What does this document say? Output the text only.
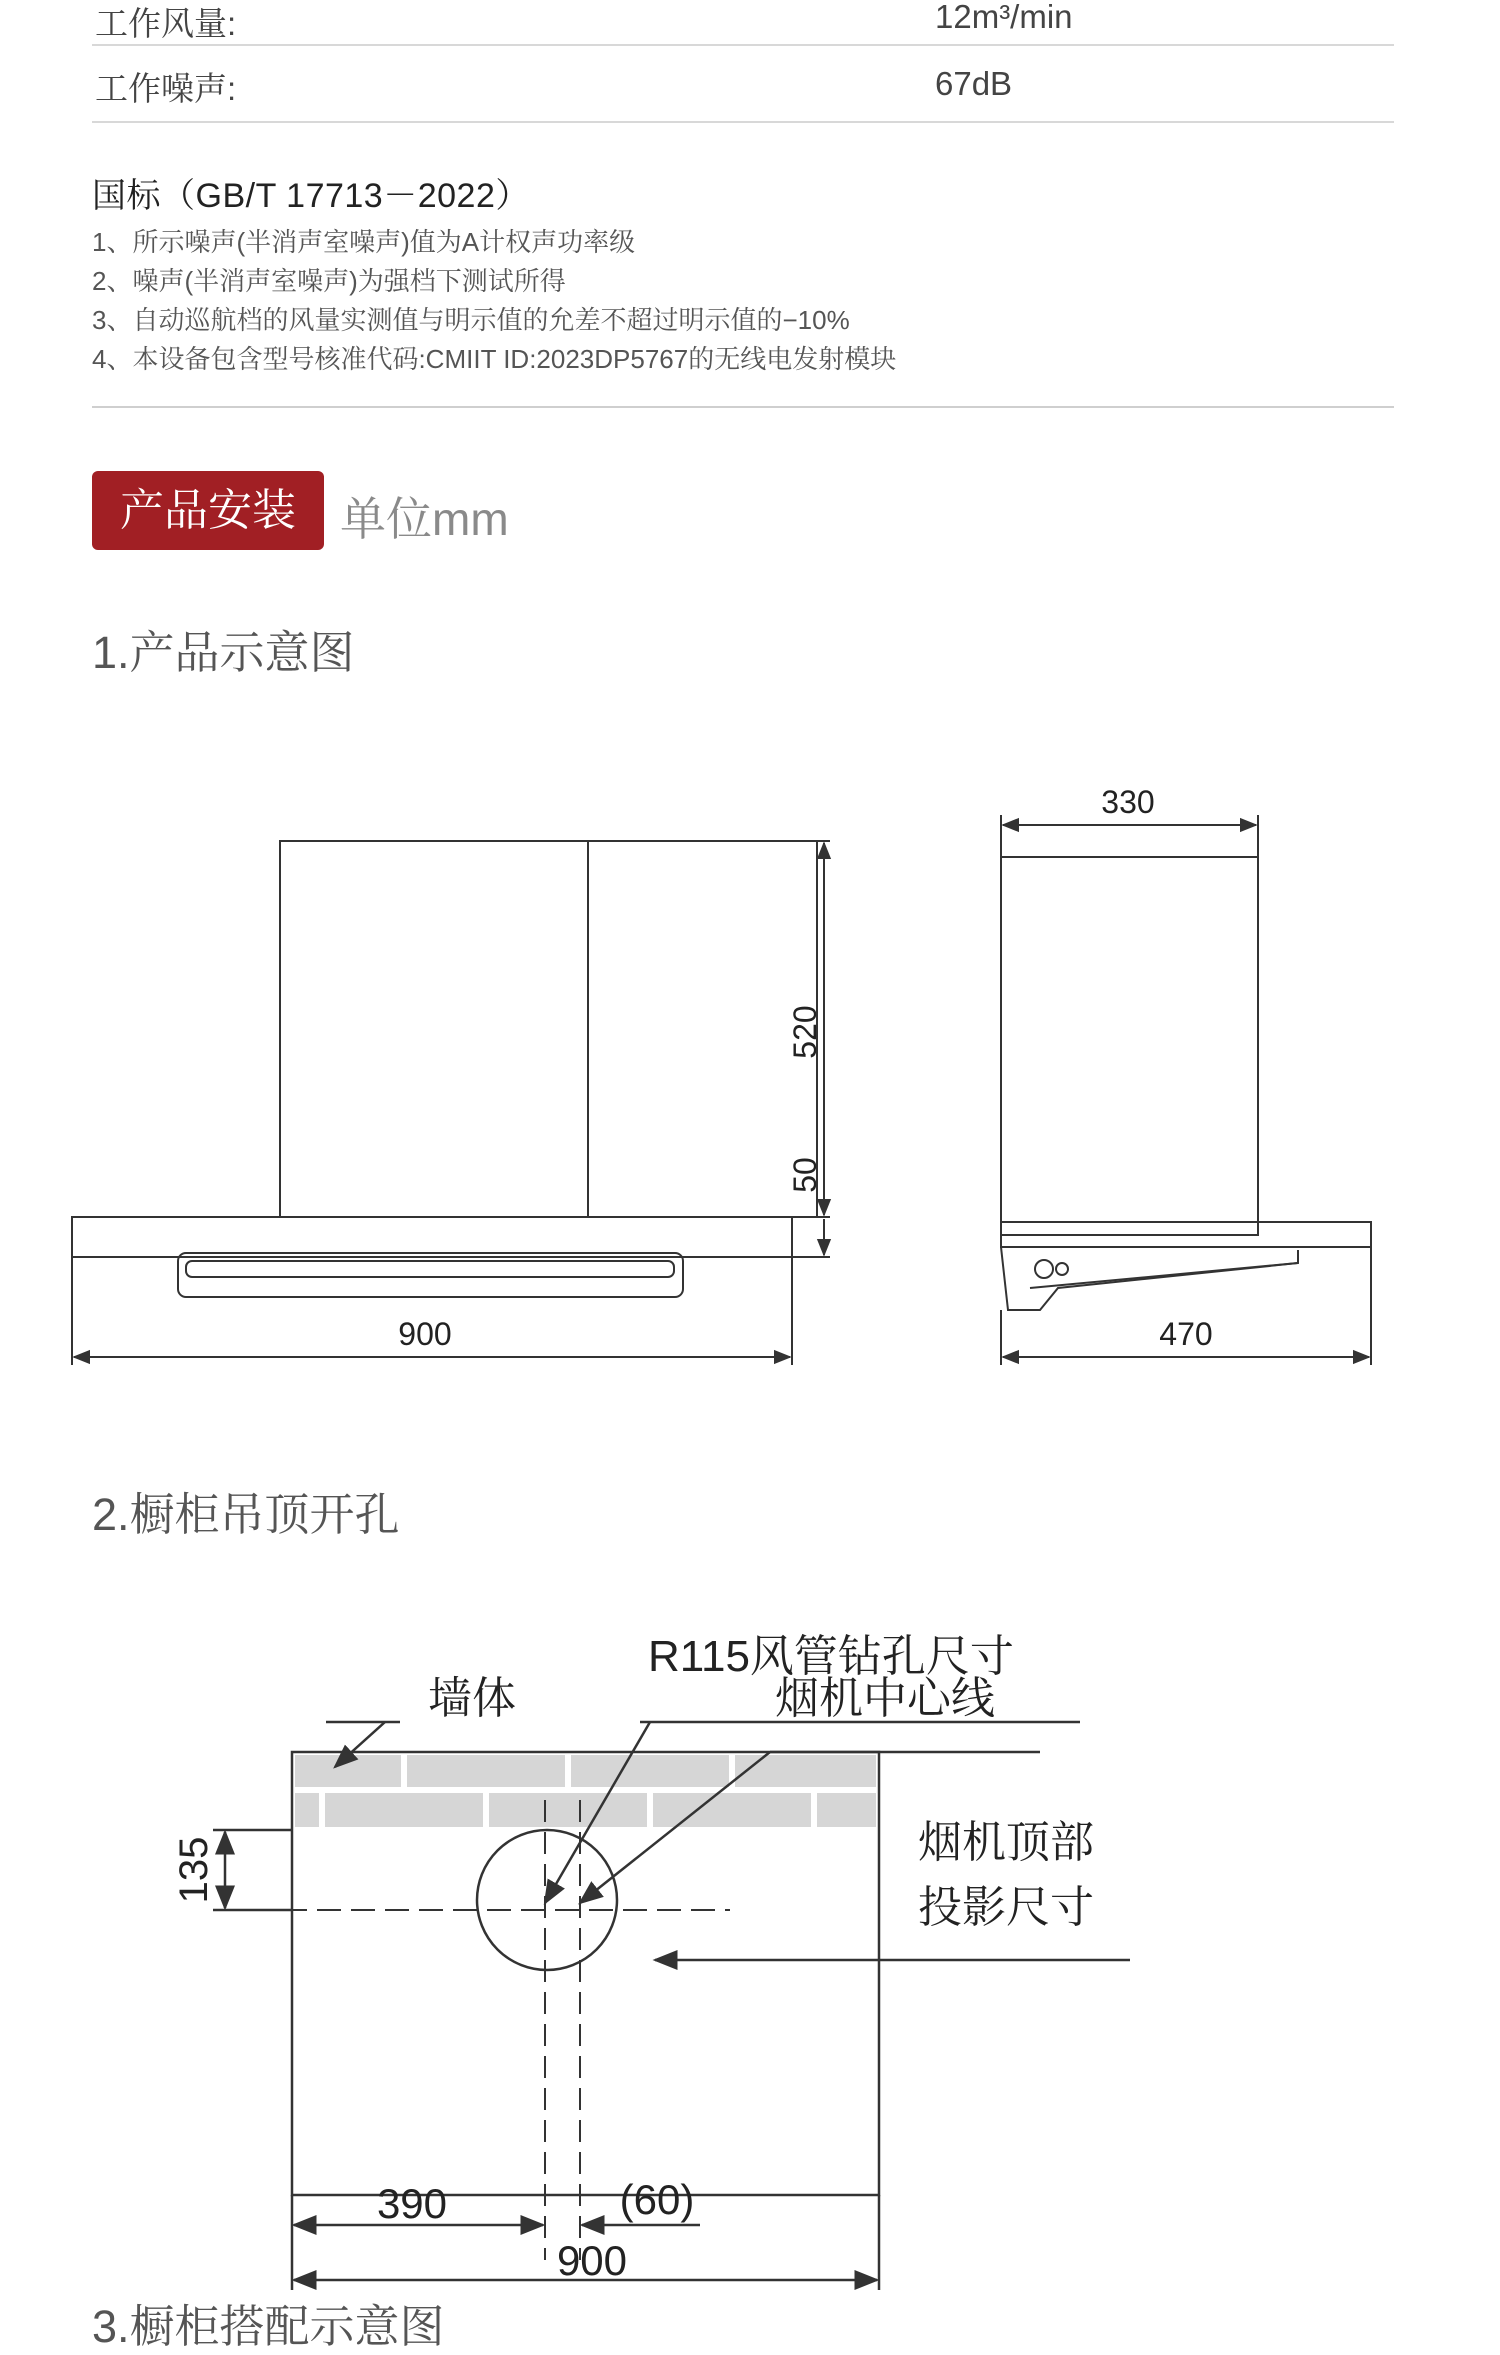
工作风量:	12m³/min
工作噪声:	67dB
国标（GB/T 17713－2022）
1、所示噪声(半消声室噪声)值为A计权声功率级
2、噪声(半消声室噪声)为强档下测试所得
3、自动巡航档的风量实测值与明示值的允差不超过明示值的−10%
4、本设备包含型号核准代码:CMIIT ID:2023DP5767的无线电发射模块
产品安装 单位mm
1.产品示意图
900
520
50
330
470
2.橱柜吊顶开孔
墙体
R115风管钻孔尺寸
烟机中心线
烟机顶部
投影尺寸
135
390	(60)
900
3.橱柜搭配示意图
